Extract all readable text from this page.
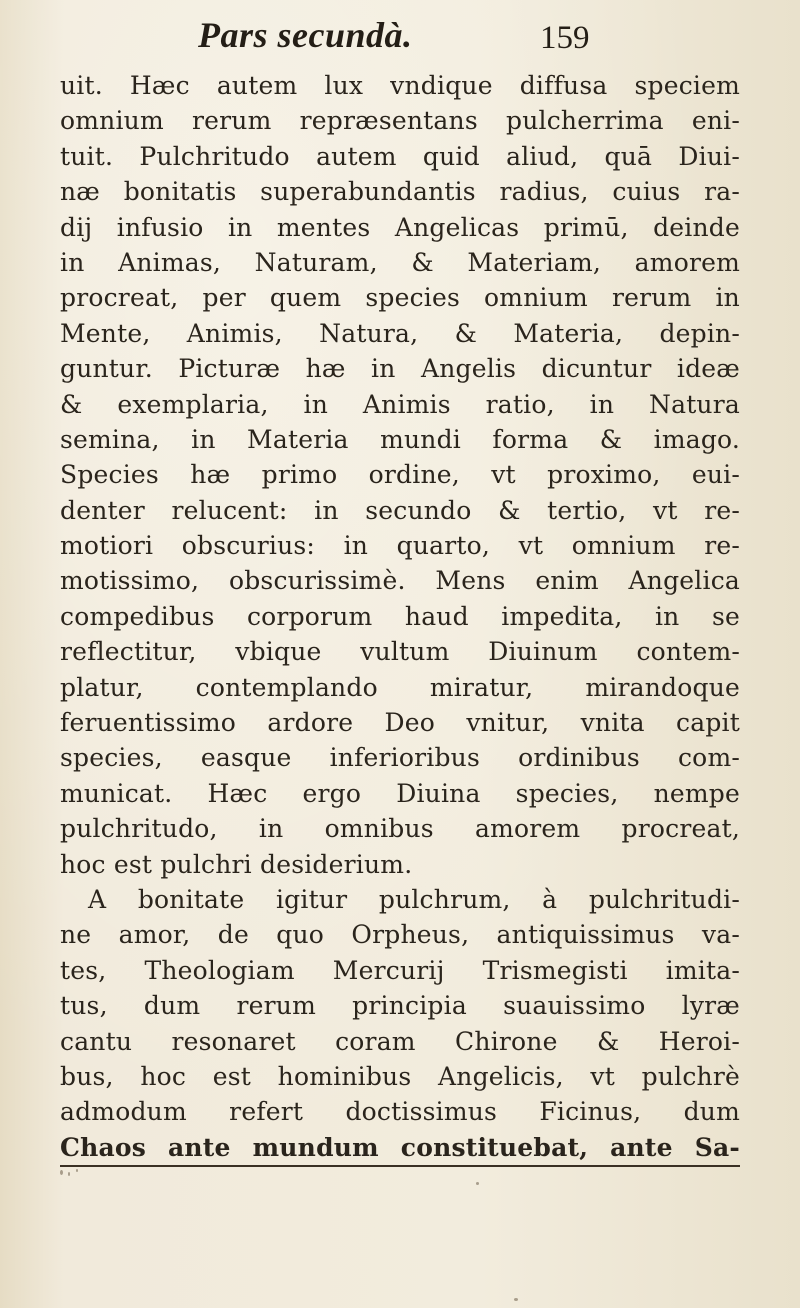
Pars secundà.	159
uit. Hæc autem lux vndique diffusa speciem
omnium rerum repræsentans pulcherrima eni-
tuit. Pulchritudo autem quid aliud, quā Diui-
næ bonitatis superabundantis radius, cuius ra-
dij infusio in mentes Angelicas primū, deinde
in Animas, Naturam, & Materiam, amorem
procreat, per quem species omnium rerum in
Mente, Animis, Natura, & Materia, depin-
guntur. Picturæ hæ in Angelis dicuntur ideæ
& exemplaria, in Animis ratio, in Natura
semina, in Materia mundi forma & imago.
Species hæ primo ordine, vt proximo, eui-
denter relucent: in secundo & tertio, vt re-
motiori obscurius: in quarto, vt omnium re-
motissimo, obscurissimè. Mens enim Angelica
compedibus corporum haud impedita, in se
reflectitur, vbique vultum Diuinum contem-
platur, contemplando miratur, mirandoque
feruentissimo ardore Deo vnitur, vnita capit
species, easque inferioribus ordinibus com-
municat. Hæc ergo Diuina species, nempe
pulchritudo, in omnibus amorem procreat,
hoc est pulchri desiderium.
A bonitate igitur pulchrum, à pulchritudi-
ne amor, de quo Orpheus, antiquissimus va-
tes, Theologiam Mercurij Trismegisti imita-
tus, dum rerum principia suauissimo lyræ
cantu resonaret coram Chirone & Heroi-
bus, hoc est hominibus Angelicis, vt pulchrè
admodum refert doctissimus Ficinus, dum
Chaos ante mundum constituebat, ante Sa-
